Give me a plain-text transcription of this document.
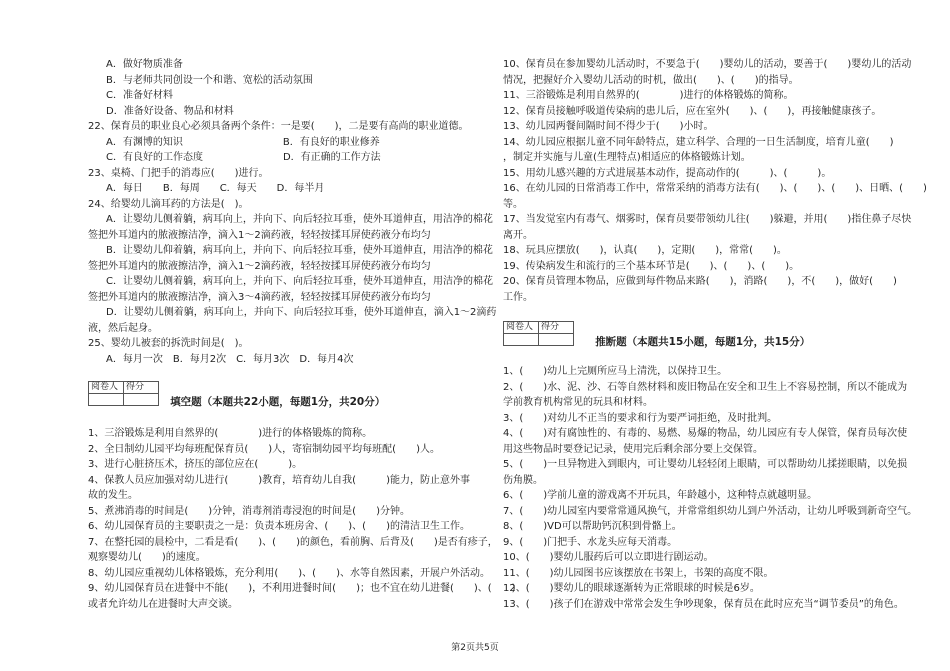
A．做好物质准备

B．与老师共同创设一个和谐、宽松的活动氛围

C．准备好材料

D．准备好设备、物品和材料

22、保育员的职业良心必须具备两个条件：一是要(　　)，二是要有高尚的职业道德。

A．有渊博的知识　　　　　　　　　　B．有良好的职业修养

C．有良好的工作态度　　　　　　　　D．有正确的工作方法

23、桌椅、门把手的消毒应(　　)进行。

A．每日　　B．每周　　C．每天　　D．每半月

24、给婴幼儿滴耳药的方法是(　)。

A．让婴幼儿侧着躺，病耳向上，并向下、向后轻拉耳垂，使外耳道伸直，用洁净的棉花

签把外耳道内的脓液擦洁净，滴入1～2滴药液，轻轻按揉耳屏使药液分布均匀

B．让婴幼儿仰着躺，病耳向上，并向下、向后轻拉耳垂，使外耳道伸直，用洁净的棉花

签把外耳道内的脓液擦洁净，滴入1～2滴药液，轻轻按揉耳屏使药液分布均匀

C．让婴幼儿侧着躺，病耳向上，并向下、向后轻拉耳垂，使外耳道伸直，用洁净的棉花

签把外耳道内的脓液擦洁净，滴入3～4滴药液，轻轻按揉耳屏使药液分布均匀

D．让婴幼儿侧着躺，病耳向上，并向下、向后轻拉耳垂，使外耳道伸直，滴入1～2滴药

液，然后起身。

25、婴幼儿被套的拆洗时间是(　)。

A．每月一次　B．每月2次　C．每月3次　D．每月4次

阅卷人	得分
	填空题（本题共22小题，每题1分，共20分）

1、三浴锻炼是利用自然界的(　　　　)进行的体格锻炼的简称。

2、全日制幼儿园平均每班配保育员(　　)人，寄宿制幼园平均每班配(　　)人。

3、进行心脏挤压术，挤压的部位应在(　　　)。

4、保教人员应加强对幼儿进行(　　　)教育，培育幼儿自我(　　　)能力，防止意外事

故的发生。

5、煮沸消毒的时间是(　　)分钟，消毒剂消毒浸泡的时间是(　　)分钟。

6、幼儿园保育员的主要职责之一是：负责本班房舍、(　　)、(　　)的清洁卫生工作。

7、在整托园的晨检中，二看是看(　　)、(　　)的颜色，看前胸、后背及(　　)是否有疹子，

观察婴幼儿(　　)的速度。

8、幼儿园应重视幼儿体格锻炼，充分利用(　　)、(　　)、水等自然因素，开展户外活动。

9、幼儿园保育员在进餐中不能(　　)，不利用进餐时间(　　)；也不宜在幼儿进餐(　　)、(　　)

或者允许幼儿在进餐时大声交谈。

10、保育员在参加婴幼儿活动时，不要急于(　　)婴幼儿的活动，要善于(　　)婴幼儿的活动

情况，把握好介入婴幼儿活动的时机，做出(　　)、(　　)的指导。

11、三浴锻炼是利用自然界的(　　　　)进行的体格锻炼的简称。

12、保育员接触呼吸道传染病的患儿后，应在室外(　　)、(　　)，再接触健康孩子。

13、幼儿园两餐间隔时间不得少于(　　)小时。

14、幼儿园应根据儿童不同年龄特点，建立科学、合理的一日生活制度，培育儿童(　　)

，制定并实施与儿童(生理特点)相适应的体格锻炼计划。

15、用幼儿感兴趣的方式进展基本动作，提高动作的(　　　)、(　　　)。

16、在幼儿园的日常消毒工作中，常常采纳的消毒方法有(　　)、(　　)、(　　)、日晒、(　　)

等。

17、当发觉室内有毒气、烟雾时，保育员要带领幼儿往(　　)躲避，并用(　　)指住鼻子尽快

离开。

18、玩具应摆放(　　)，认真(　　)，定期(　　)，常常(　　)。

19、传染病发生和流行的三个基本环节是(　　)、(　　)、(　　)。

20、保育员管理本物品，应做到每件物品来路(　　)，消路(　　)，不(　　)，做好(　　)

工作。

阅卷人	得分
	推断题（本题共15小题，每题1分，共15分）

1、(　　)幼儿上完厕所应马上清洗，以保持卫生。

2、(　　)水、泥、沙、石等自然材料和废旧物品在安全和卫生上不容易控制，所以不能成为

学前教育机构常见的玩具和材料。

3、(　　)对幼儿不正当的要求和行为要严词拒绝，及时批判。

4、(　　)对有腐蚀性的、有毒的、易燃、易爆的物品，幼儿园应有专人保管，保育员每次使

用这些物品时要登记记录，使用完后剩余部分要上交保管。

5、(　　)一旦异物进入到眼内，可让婴幼儿轻轻闭上眼睛，可以帮助幼儿揉搓眼睛，以免损

伤角膜。

6、(　　)学前儿童的游戏离不开玩具，年龄越小，这种特点就越明显。

7、(　　)幼儿园室内要常常通风换气，并常常组织幼儿到户外活动，让幼儿呼吸到新奇空气。

8、(　　)VD可以帮助钙沉积到骨骼上。

9、(　　)门把手、水龙头应每天消毒。

10、(　　)婴幼儿服药后可以立即进行剧运动。

11、(　　)幼儿园图书应该摆放在书架上，书架的高度不限。

12、(　　)婴幼儿的眼球逐渐转为正常眼球的时候是6岁。

13、(　　)孩子们在游戏中常常会发生争吵现象，保育员在此时应充当“调节委员”的角色。

第2页共5页
